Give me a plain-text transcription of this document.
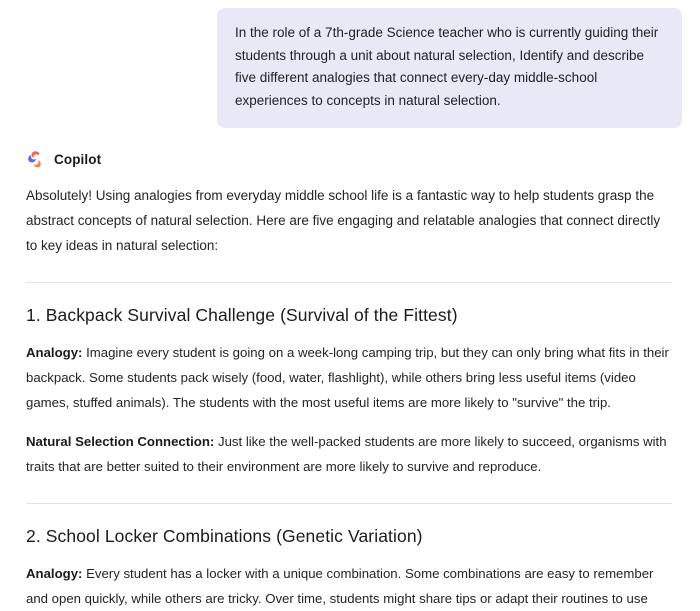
In the role of a 7th-grade Science teacher who is currently guiding their students through a unit about natural selection, Identify and describe five different analogies that connect every-day middle-school experiences to concepts in natural selection.
Copilot

Absolutely! Using analogies from everyday middle school life is a fantastic way to help students grasp the abstract concepts of natural selection. Here are five engaging and relatable analogies that connect directly to key ideas in natural selection:

1. Backpack Survival Challenge (Survival of the Fittest)

Analogy: Imagine every student is going on a week-long camping trip, but they can only bring what fits in their backpack. Some students pack wisely (food, water, flashlight), while others bring less useful items (video games, stuffed animals). The students with the most useful items are more likely to "survive" the trip.

Natural Selection Connection: Just like the well-packed students are more likely to succeed, organisms with traits that are better suited to their environment are more likely to survive and reproduce.

2. School Locker Combinations (Genetic Variation)

Analogy: Every student has a locker with a unique combination. Some combinations are easy to remember and open quickly, while others are tricky. Over time, students might share tips or adapt their routines to use
